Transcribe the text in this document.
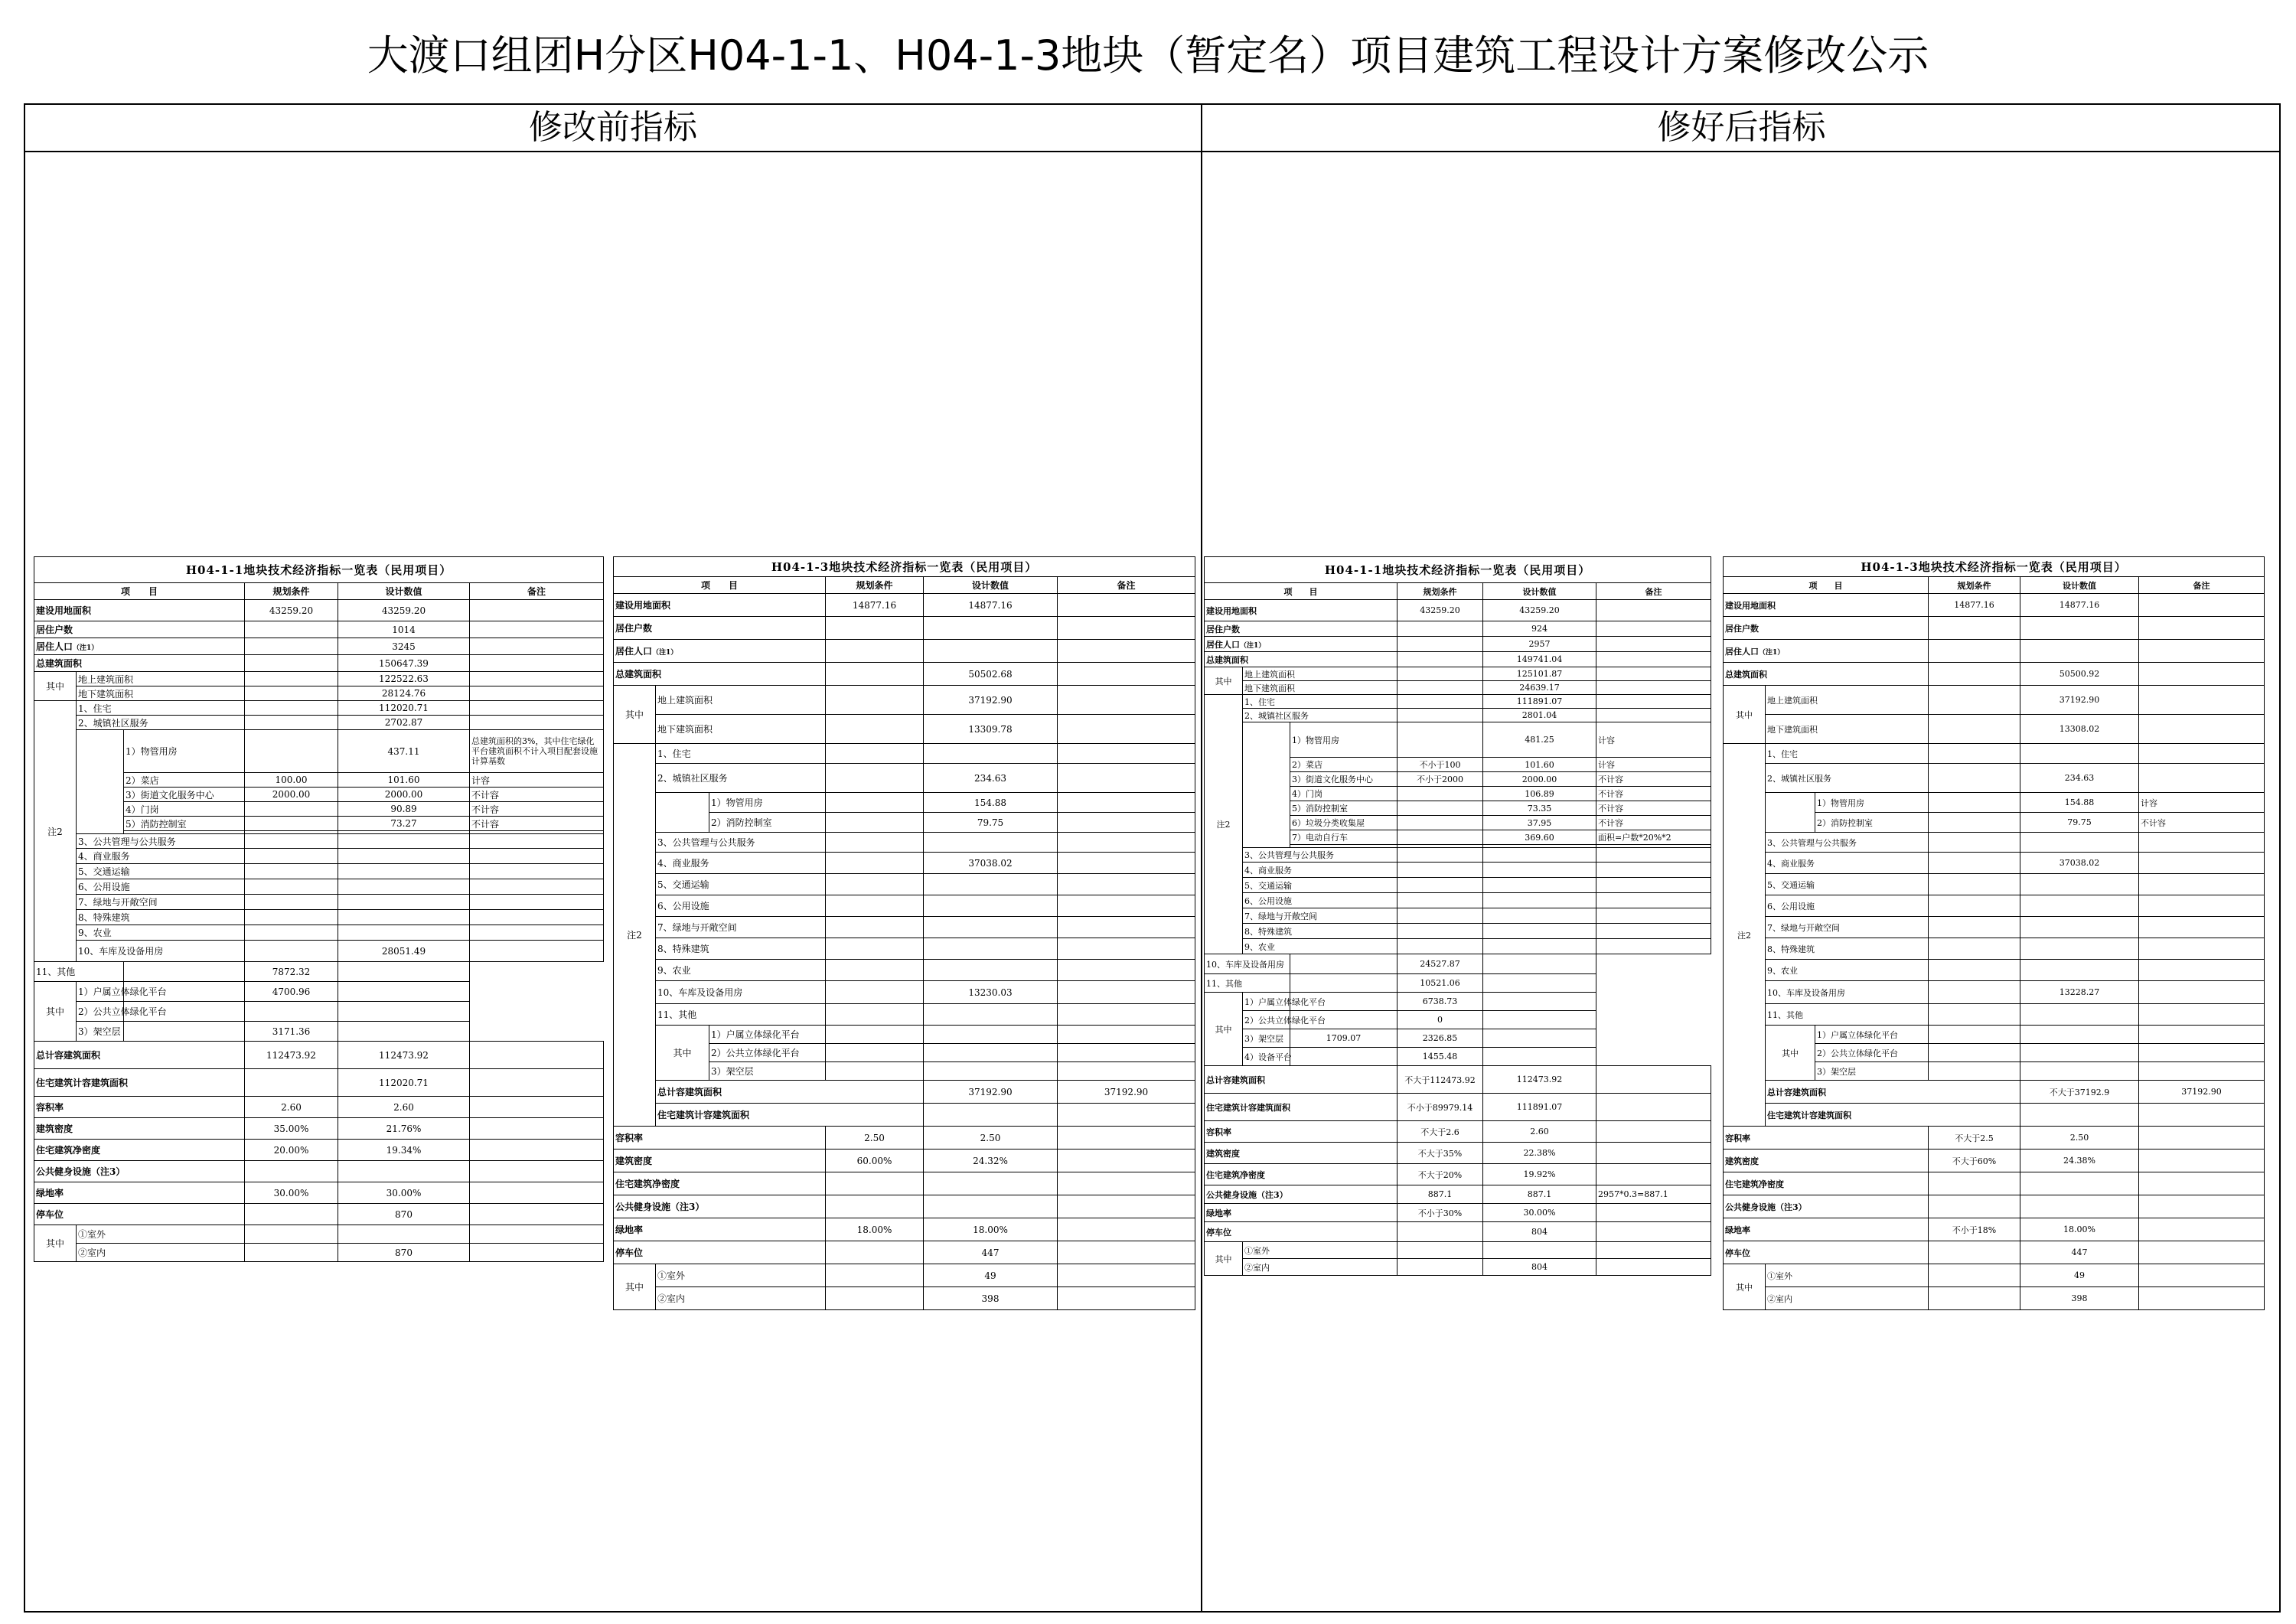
大渡口组团H分区H04-1-1、H04-1-3地块（暂定名）项目建筑工程设计方案修改公示
修改前指标	修好后指标
H04-1-1地块技术经济指标一览表（民用项目）					
项　　目			规划条件	设计数值	备注
建设用地面积			43259.20	43259.20	
居住户数				1014	
居住人口（注1）				3245	
总建筑面积				150647.39	
其中	地上建筑面积			122522.63	
	地下建筑面积			28124.76	
注2	1、住宅			112020.71	
	2、城镇社区服务			2702.87	
		1）物管用房		437.11	总建筑面积的3%，其中住宅绿化平台建筑面积不计入项目配套设施计算基数
		2）菜店	100.00	101.60	计容
		3）街道文化服务中心	2000.00	2000.00	不计容
		4）门岗		90.89	不计容
		5）消防控制室		73.27	不计容

	3、公共管理与公共服务				
	4、商业服务				
	5、交通运输				
	6、公用设施				
	7、绿地与开敞空间				
	8、特殊建筑				
	9、农业				
	10、车库及设备用房			28051.49	
11、其他			7872.32		
其中	1）户属立体绿化平台		4700.96		
	2）公共立体绿化平台				
	3）架空层		3171.36		
总计容建筑面积			112473.92	112473.92	
住宅建筑计容建筑面积				112020.71	
容积率			2.60	2.60	
建筑密度			35.00%	21.76%	
住宅建筑净密度			20.00%	19.34%	
公共健身设施（注3）					
绿地率			30.00%	30.00%	
停车位				870	
其中	①室外				
	②室内			870	
H04-1-3地块技术经济指标一览表（民用项目）						
项　　目			规划条件	设计数值	备注	
建设用地面积			14877.16	14877.16		
居住户数						
居住人口（注1）						
总建筑面积				50502.68		
其中	地上建筑面积			37192.90		
	地下建筑面积			13309.78		
注2	1、住宅					
	2、城镇社区服务			234.63		
		1）物管用房		154.88		
		2）消防控制室		79.75		
	3、公共管理与公共服务					
	4、商业服务			37038.02		
	5、交通运输					
	6、公用设施					
	7、绿地与开敞空间					
	8、特殊建筑					
	9、农业					
	10、车库及设备用房			13230.03		
	11、其他					
	其中	1）户属立体绿化平台				
		2）公共立体绿化平台				
		3）架空层				
	总计容建筑面积			37192.90	37192.90	
	住宅建筑计容建筑面积					
容积率			2.50	2.50		
建筑密度			60.00%	24.32%		
住宅建筑净密度						
公共健身设施（注3）						
绿地率			18.00%	18.00%		
停车位				447		
其中	①室外			49		
	②室内			398		
H04-1-1地块技术经济指标一览表（民用项目）					
项　　目			规划条件	设计数值	备注
建设用地面积			43259.20	43259.20	
居住户数				924	
居住人口（注1）				2957	
总建筑面积				149741.04	
其中	地上建筑面积			125101.87	
	地下建筑面积			24639.17	
注2	1、住宅			111891.07	
	2、城镇社区服务			2801.04	
		1）物管用房		481.25	计容
		2）菜店	不小于100	101.60	计容
		3）街道文化服务中心	不小于2000	2000.00	不计容
		4）门岗		106.89	不计容
		5）消防控制室		73.35	不计容
		6）垃圾分类收集屋		37.95	不计容
		7）电动自行车		369.60	面积=户数*20%*2

	3、公共管理与公共服务				
	4、商业服务				
	5、交通运输				
	6、公用设施				
	7、绿地与开敞空间				
	8、特殊建筑				
	9、农业				
10、车库及设备用房			24527.87		
11、其他			10521.06		
其中	1）户属立体绿化平台		6738.73		
	2）公共立体绿化平台		0		
	3）架空层	1709.07	2326.85		
	4）设备平台		1455.48		
总计容建筑面积			不大于112473.92	112473.92	
住宅建筑计容建筑面积			不小于89979.14	111891.07	
容积率			不大于2.6	2.60	
建筑密度			不大于35%	22.38%	
住宅建筑净密度			不大于20%	19.92%	
公共健身设施（注3）			887.1	887.1	2957*0.3=887.1
绿地率			不小于30%	30.00%	
停车位				804	
其中	①室外				
	②室内			804	
H04-1-3地块技术经济指标一览表（民用项目）						
项　　目			规划条件	设计数值	备注	
建设用地面积			14877.16	14877.16		
居住户数						
居住人口（注1）						
总建筑面积				50500.92		
其中	地上建筑面积			37192.90		
	地下建筑面积			13308.02		
注2	1、住宅					
	2、城镇社区服务			234.63		
		1）物管用房		154.88	计容	
		2）消防控制室		79.75	不计容	
	3、公共管理与公共服务					
	4、商业服务			37038.02		
	5、交通运输					
	6、公用设施					
	7、绿地与开敞空间					
	8、特殊建筑					
	9、农业					
	10、车库及设备用房			13228.27		
	11、其他					
	其中	1）户属立体绿化平台				
		2）公共立体绿化平台				
		3）架空层				
	总计容建筑面积			不大于37192.9	37192.90	
	住宅建筑计容建筑面积					
容积率			不大于2.5	2.50		
建筑密度			不大于60%	24.38%		
住宅建筑净密度						
公共健身设施（注3）						
绿地率			不小于18%	18.00%		
停车位				447		
其中	①室外			49		
	②室内			398		
